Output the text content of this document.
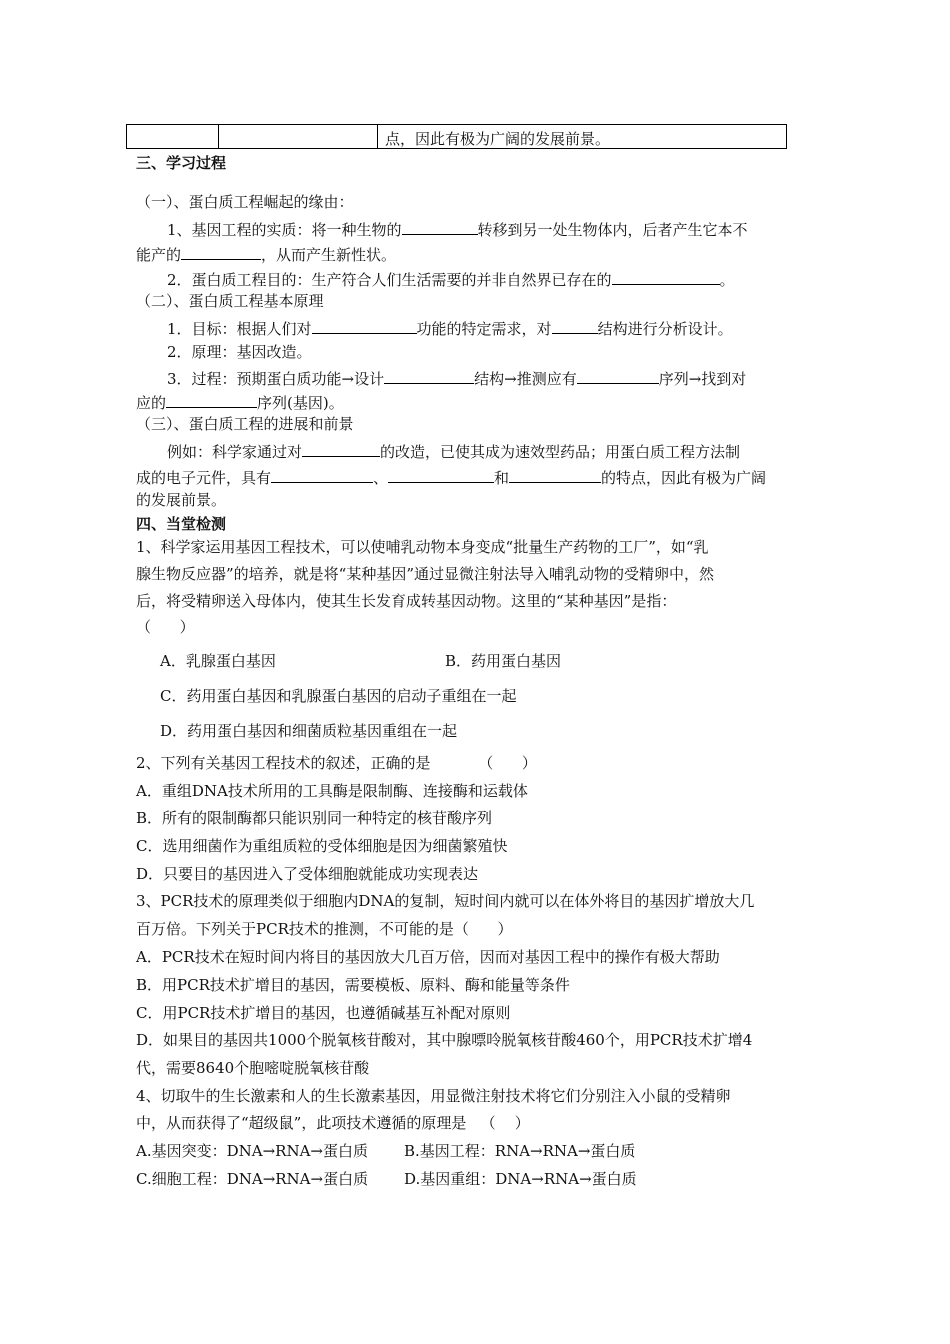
点，因此有极为广阔的发展前景。
三、学习过程
（一）、蛋白质工程崛起的缘由：
1、基因工程的实质：将一种生物的	转移到另一处生物体内，后者产生它本不
能产的	，从而产生新性状。
2．蛋白质工程目的：生产符合人们生活需要的并非自然界已存在的	。
（二）、蛋白质工程基本原理
1．目标：根据人们对	功能的特定需求，对	结构进行分析设计。
2．原理：基因改造。
3．过程：预期蛋白质功能→设计	结构→推测应有	序列→找到对
应的	序列(基因)。
（三）、蛋白质工程的进展和前景
例如：科学家通过对	的改造，已使其成为速效型药品；用蛋白质工程方法制
成的电子元件，具有	、	和	的特点，因此有极为广阔
的发展前景。
四、当堂检测
1、科学家运用基因工程技术，可以使哺乳动物本身变成“批量生产药物的工厂”，如“乳
腺生物反应器”的培养，就是将“某种基因”通过显微注射法导入哺乳动物的受精卵中，然
后，将受精卵送入母体内，使其生长发育成转基因动物。这里的“某种基因”是指：
（      ）
A．乳腺蛋白基因	B．药用蛋白基因
C．药用蛋白基因和乳腺蛋白基因的启动子重组在一起
D．药用蛋白基因和细菌质粒基因重组在一起
2、下列有关基因工程技术的叙述，正确的是          （      ）
A．重组DNA技术所用的工具酶是限制酶、连接酶和运载体
B．所有的限制酶都只能识别同一种特定的核苷酸序列
C．选用细菌作为重组质粒的受体细胞是因为细菌繁殖快
D．只要目的基因进入了受体细胞就能成功实现表达
3、PCR技术的原理类似于细胞内DNA的复制，短时间内就可以在体外将目的基因扩增放大几
百万倍。下列关于PCR技术的推测，不可能的是（      ）
A．PCR技术在短时间内将目的基因放大几百万倍，因而对基因工程中的操作有极大帮助
B．用PCR技术扩增目的基因，需要模板、原料、酶和能量等条件
C．用PCR技术扩增目的基因，也遵循碱基互补配对原则
D．如果目的基因共1000个脱氧核苷酸对，其中腺嘌呤脱氧核苷酸460个，用PCR技术扩增4
代，需要8640个胞嘧啶脱氧核苷酸
4、切取牛的生长激素和人的生长激素基因，用显微注射技术将它们分别注入小鼠的受精卵
中，从而获得了“超级鼠”，此项技术遵循的原理是   （    ）
A.基因突变：DNA→RNA→蛋白质 B.基因工程：RNA→RNA→蛋白质
C.细胞工程：DNA→RNA→蛋白质 D.基因重组：DNA→RNA→蛋白质
